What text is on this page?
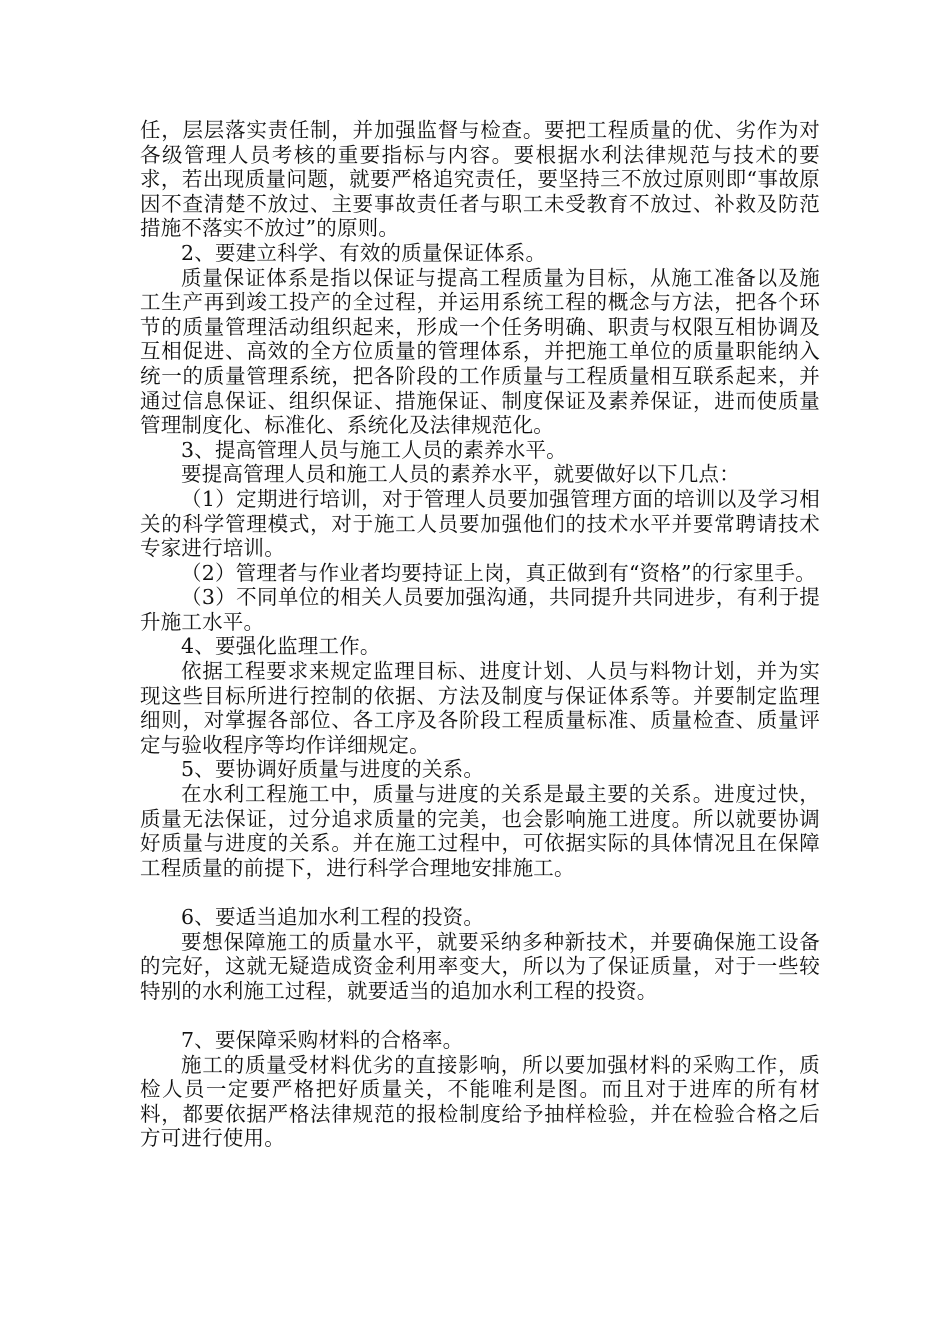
任，层层落实责任制，并加强监督与检查。要把工程质量的优、劣作为对各级管理人员考核的重要指标与内容。要根据水利法律规范与技术的要求，若出现质量问题，就要严格追究责任，要坚持三不放过原则即“事故原因不查清楚不放过、主要事故责任者与职工未受教育不放过、补救及防范措施不落实不放过”的原则。

2、要建立科学、有效的质量保证体系。

质量保证体系是指以保证与提高工程质量为目标，从施工准备以及施工生产再到竣工投产的全过程，并运用系统工程的概念与方法，把各个环节的质量管理活动组织起来，形成一个任务明确、职责与权限互相协调及互相促进、高效的全方位质量的管理体系，并把施工单位的质量职能纳入统一的质量管理系统，把各阶段的工作质量与工程质量相互联系起来，并通过信息保证、组织保证、措施保证、制度保证及素养保证，进而使质量管理制度化、标准化、系统化及法律规范化。

3、提高管理人员与施工人员的素养水平。

要提高管理人员和施工人员的素养水平，就要做好以下几点：

（1）定期进行培训，对于管理人员要加强管理方面的培训以及学习相关的科学管理模式，对于施工人员要加强他们的技术水平并要常聘请技术专家进行培训。

（2）管理者与作业者均要持证上岗，真正做到有“资格”的行家里手。

（3）不同单位的相关人员要加强沟通，共同提升共同进步，有利于提升施工水平。

4、要强化监理工作。

依据工程要求来规定监理目标、进度计划、人员与料物计划，并为实现这些目标所进行控制的依据、方法及制度与保证体系等。并要制定监理细则，对掌握各部位、各工序及各阶段工程质量标准、质量检查、质量评定与验收程序等均作详细规定。

5、要协调好质量与进度的关系。

在水利工程施工中，质量与进度的关系是最主要的关系。进度过快，质量无法保证，过分追求质量的完美，也会影响施工进度。所以就要协调好质量与进度的关系。并在施工过程中，可依据实际的具体情况且在保障工程质量的前提下，进行科学合理地安排施工。

6、要适当追加水利工程的投资。

要想保障施工的质量水平，就要采纳多种新技术，并要确保施工设备的完好，这就无疑造成资金利用率变大，所以为了保证质量，对于一些较特别的水利施工过程，就要适当的追加水利工程的投资。

7、要保障采购材料的合格率。

施工的质量受材料优劣的直接影响，所以要加强材料的采购工作，质检人员一定要严格把好质量关，不能唯利是图。而且对于进库的所有材料，都要依据严格法律规范的报检制度给予抽样检验，并在检验合格之后方可进行使用。
